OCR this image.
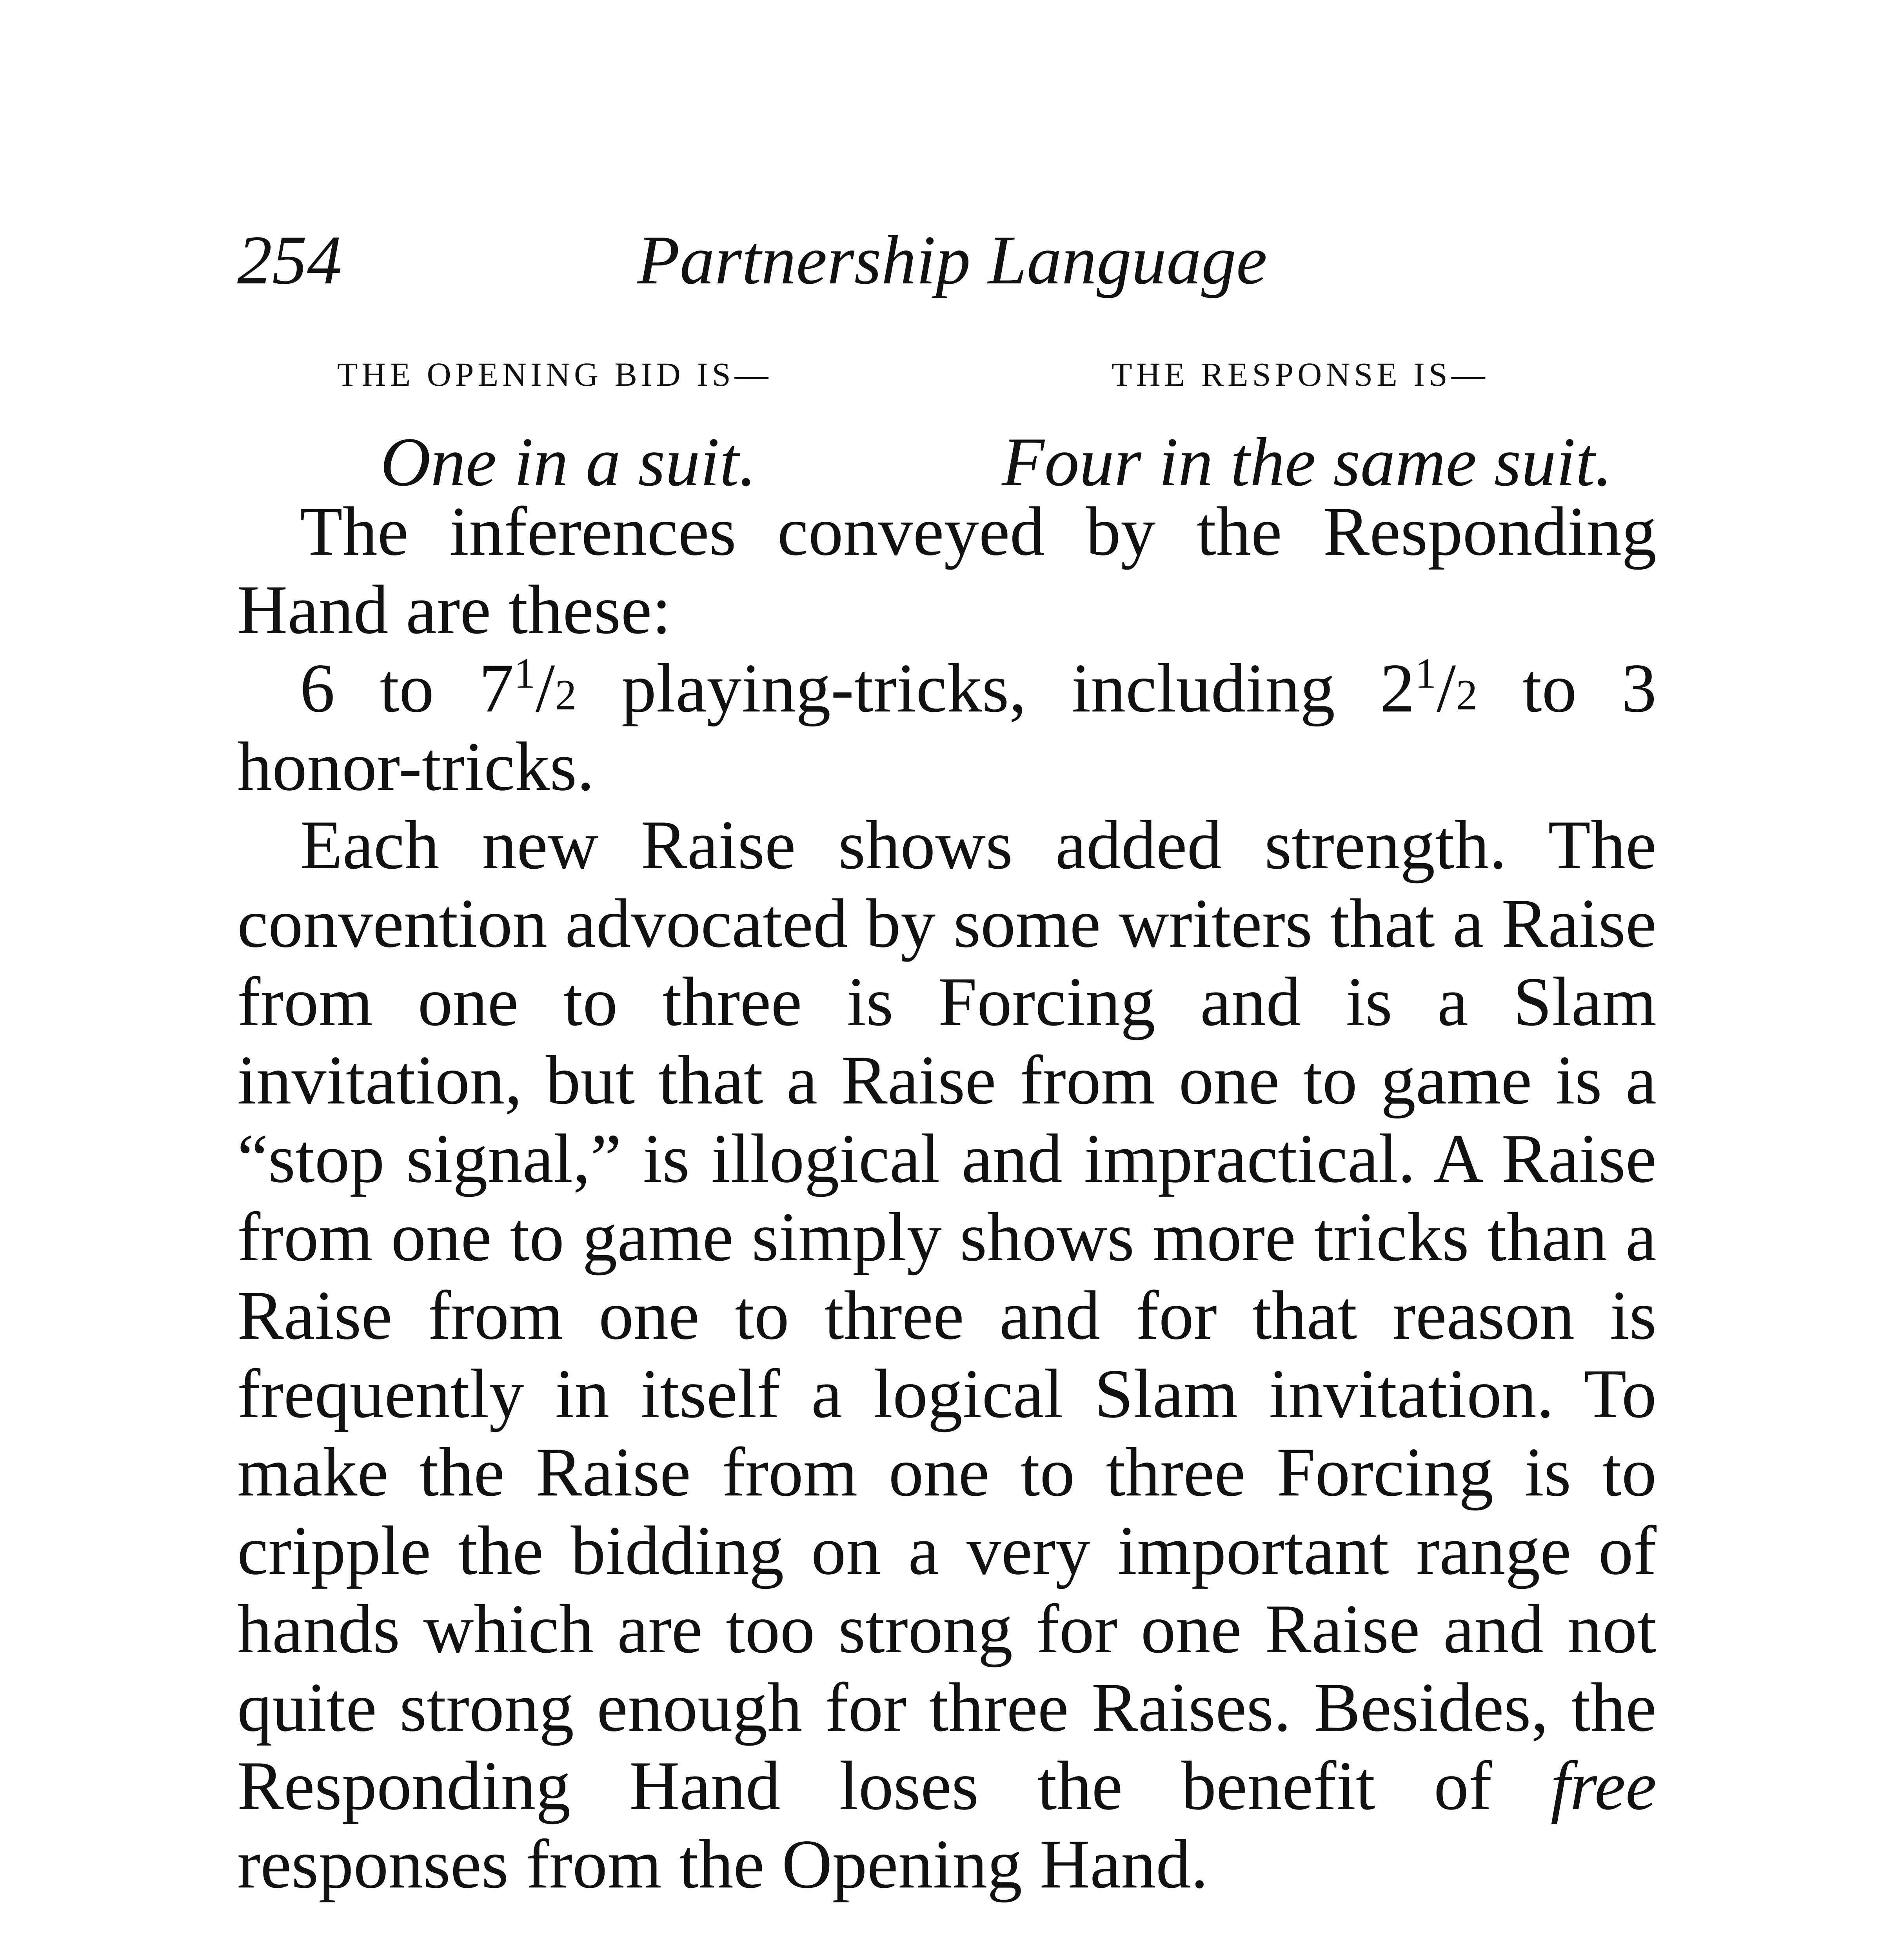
254	Partnership Language
THE OPENING BID IS—	THE RESPONSE IS—
One in a suit.	Four in the same suit.

The inferences conveyed by the Responding Hand are these:

6 to $7^1/_2$ playing-tricks, including $2^1/_2$ to 3 honor-tricks.

Each new Raise shows added strength. The convention advocated by some writers that a Raise from one to three is Forcing and is a Slam invitation, but that a Raise from one to game is a “stop signal,” is illogical and impractical. A Raise from one to game simply shows more tricks than a Raise from one to three and for that reason is frequently in itself a logical Slam invitation. To make the Raise from one to three Forcing is to cripple the bidding on a very important range of hands which are too strong for one Raise and not quite strong enough for three Raises. Besides, the Responding Hand loses the benefit of free responses from the Opening Hand.
